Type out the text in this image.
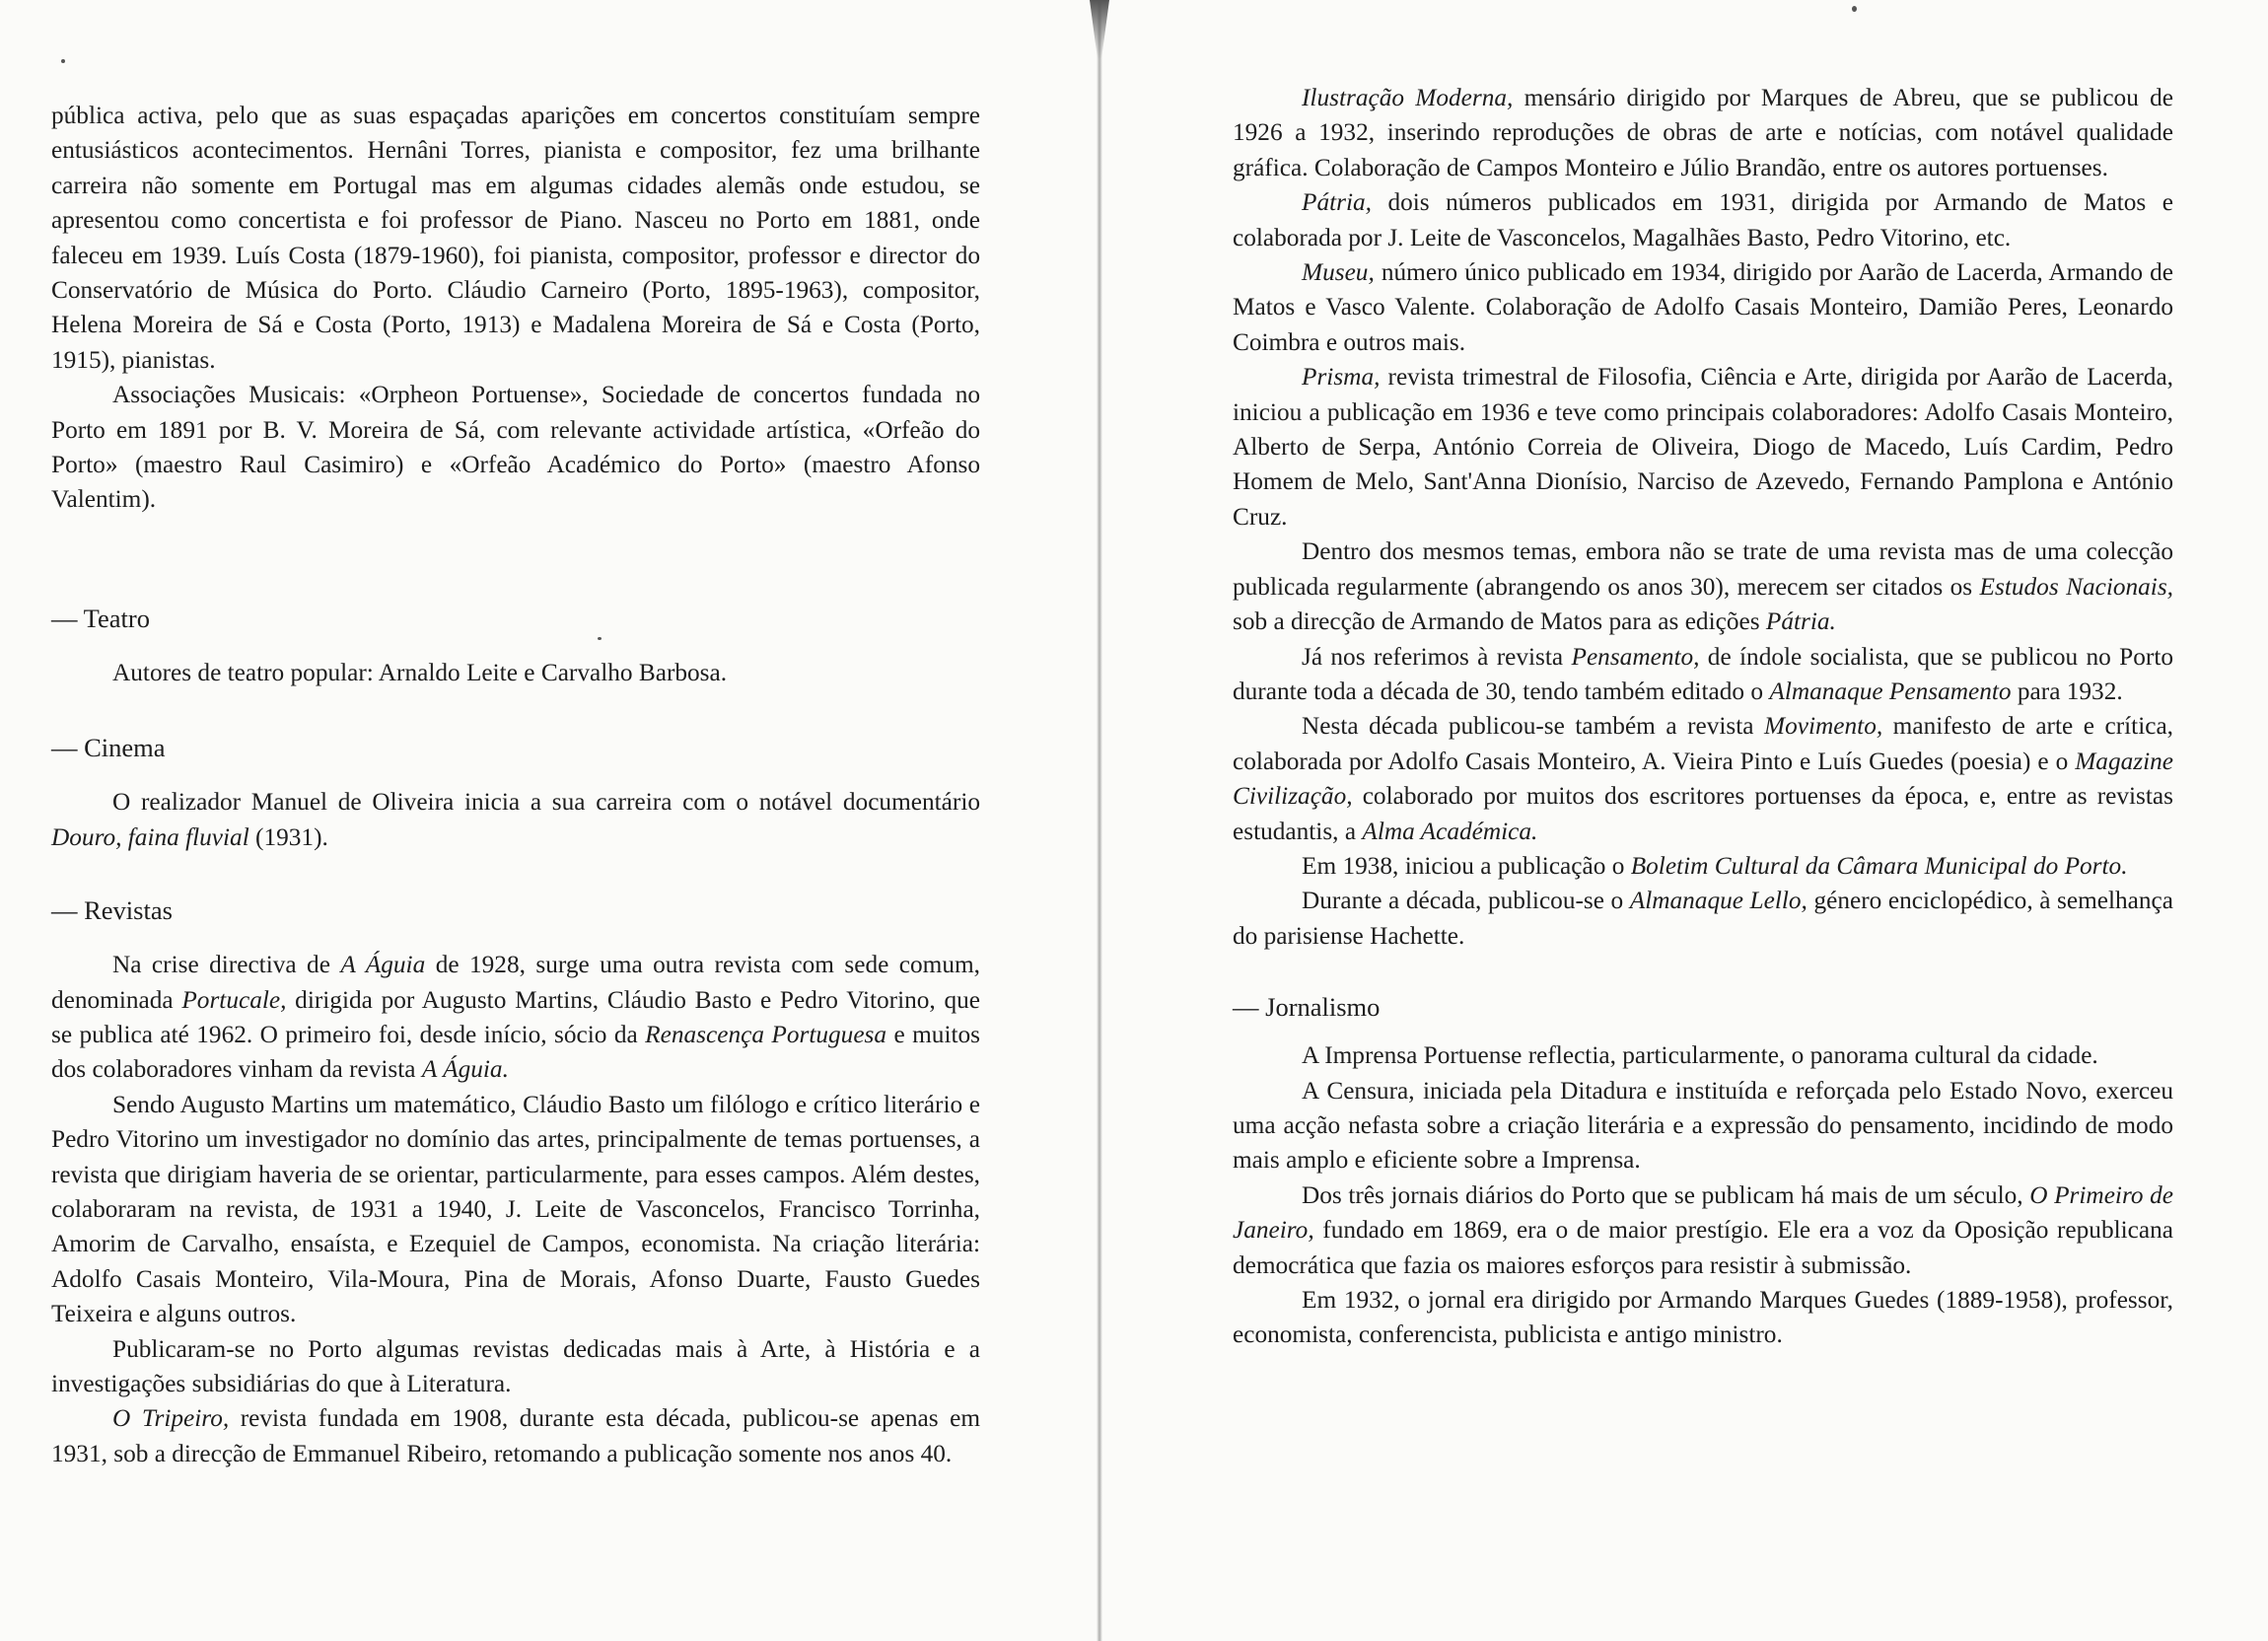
pública activa, pelo que as suas espaçadas aparições em concertos constituíam sempre entusiásticos acontecimentos. Hernâni Torres, pianista e compositor, fez uma brilhante carreira não somente em Portugal mas em algumas cidades alemãs onde estudou, se apresentou como concertista e foi professor de Piano. Nasceu no Porto em 1881, onde faleceu em 1939. Luís Costa (1879-1960), foi pianista, compositor, professor e director do Conservatório de Música do Porto. Cláudio Carneiro (Porto, 1895-1963), compositor, Helena Moreira de Sá e Costa (Porto, 1913) e Madalena Moreira de Sá e Costa (Porto, 1915), pianistas.

Associações Musicais: «Orpheon Portuense», Sociedade de concertos fundada no Porto em 1891 por B. V. Moreira de Sá, com relevante actividade artística, «Orfeão do Porto» (maestro Raul Casimiro) e «Orfeão Académico do Porto» (maestro Afonso Valentim).

— Teatro

Autores de teatro popular: Arnaldo Leite e Carvalho Barbosa.

— Cinema

O realizador Manuel de Oliveira inicia a sua carreira com o notável documentário Douro, faina fluvial (1931).

— Revistas

Na crise directiva de A Águia de 1928, surge uma outra revista com sede comum, denominada Portucale, dirigida por Augusto Martins, Cláudio Basto e Pedro Vitorino, que se publica até 1962. O primeiro foi, desde início, sócio da Renascença Portuguesa e muitos dos colaboradores vinham da revista A Águia.

Sendo Augusto Martins um matemático, Cláudio Basto um filólogo e crítico literário e Pedro Vitorino um investigador no domínio das artes, principalmente de temas portuenses, a revista que dirigiam haveria de se orientar, particularmente, para esses campos. Além destes, colaboraram na revista, de 1931 a 1940, J. Leite de Vasconcelos, Francisco Torrinha, Amorim de Carvalho, ensaísta, e Ezequiel de Campos, economista. Na criação literária: Adolfo Casais Monteiro, Vila-Moura, Pina de Morais, Afonso Duarte, Fausto Guedes Teixeira e alguns outros.

Publicaram-se no Porto algumas revistas dedicadas mais à Arte, à História e a investigações subsidiárias do que à Literatura.

O Tripeiro, revista fundada em 1908, durante esta década, publicou-se apenas em 1931, sob a direcção de Emmanuel Ribeiro, retomando a publicação somente nos anos 40.

Ilustração Moderna, mensário dirigido por Marques de Abreu, que se publicou de 1926 a 1932, inserindo reproduções de obras de arte e notícias, com notável qualidade gráfica. Colaboração de Campos Monteiro e Júlio Brandão, entre os autores portuenses.

Pátria, dois números publicados em 1931, dirigida por Armando de Matos e colaborada por J. Leite de Vasconcelos, Magalhães Basto, Pedro Vitorino, etc.

Museu, número único publicado em 1934, dirigido por Aarão de Lacerda, Armando de Matos e Vasco Valente. Colaboração de Adolfo Casais Monteiro, Damião Peres, Leonardo Coimbra e outros mais.

Prisma, revista trimestral de Filosofia, Ciência e Arte, dirigida por Aarão de Lacerda, iniciou a publicação em 1936 e teve como principais colaboradores: Adolfo Casais Monteiro, Alberto de Serpa, António Correia de Oliveira, Diogo de Macedo, Luís Cardim, Pedro Homem de Melo, Sant'Anna Dionísio, Narciso de Azevedo, Fernando Pamplona e António Cruz.

Dentro dos mesmos temas, embora não se trate de uma revista mas de uma colecção publicada regularmente (abrangendo os anos 30), merecem ser citados os Estudos Nacionais, sob a direcção de Armando de Matos para as edições Pátria.

Já nos referimos à revista Pensamento, de índole socialista, que se publicou no Porto durante toda a década de 30, tendo também editado o Almanaque Pensamento para 1932.

Nesta década publicou-se também a revista Movimento, manifesto de arte e crítica, colaborada por Adolfo Casais Monteiro, A. Vieira Pinto e Luís Guedes (poesia) e o Magazine Civilização, colaborado por muitos dos escritores portuenses da época, e, entre as revistas estudantis, a Alma Académica.

Em 1938, iniciou a publicação o Boletim Cultural da Câmara Municipal do Porto.

Durante a década, publicou-se o Almanaque Lello, género enciclopédico, à semelhança do parisiense Hachette.

— Jornalismo

A Imprensa Portuense reflectia, particularmente, o panorama cultural da cidade.

A Censura, iniciada pela Ditadura e instituída e reforçada pelo Estado Novo, exerceu uma acção nefasta sobre a criação literária e a expressão do pensamento, incidindo de modo mais amplo e eficiente sobre a Imprensa.

Dos três jornais diários do Porto que se publicam há mais de um século, O Primeiro de Janeiro, fundado em 1869, era o de maior prestígio. Ele era a voz da Oposição republicana democrática que fazia os maiores esforços para resistir à submissão.

Em 1932, o jornal era dirigido por Armando Marques Guedes (1889-1958), professor, economista, conferencista, publicista e antigo ministro.
